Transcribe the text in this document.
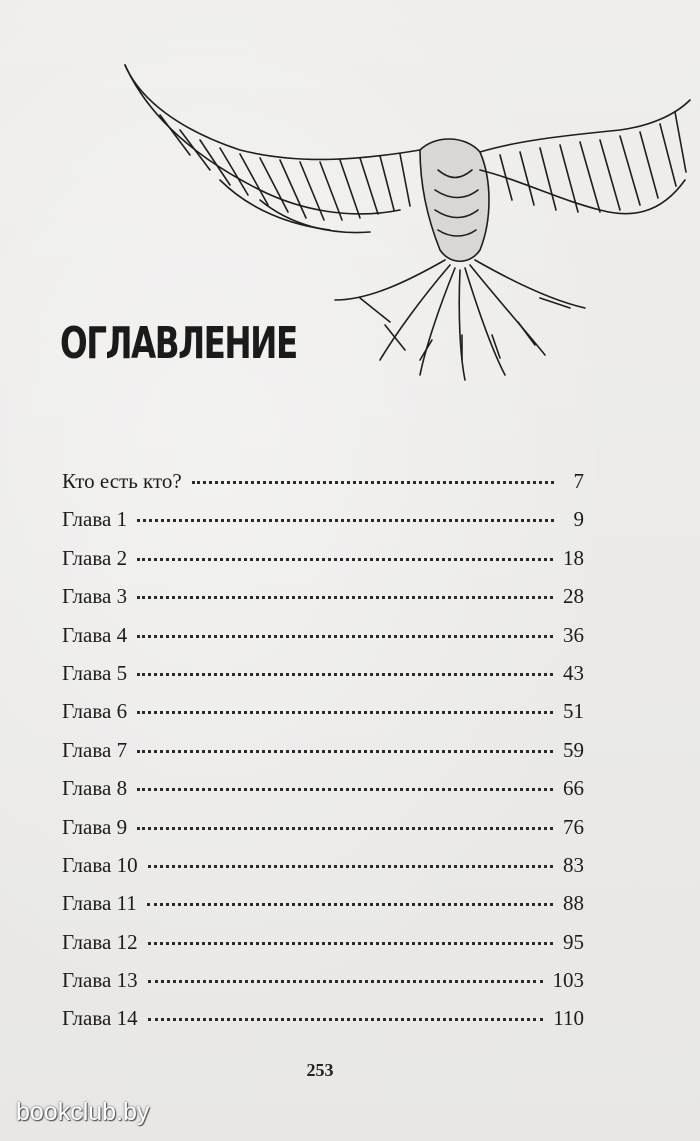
ОГЛАВЛЕНИЕ
Кто есть кто?	7
Глава 1	9
Глава 2	18
Глава 3	28
Глава 4	36
Глава 5	43
Глава 6	51
Глава 7	59
Глава 8	66
Глава 9	76
Глава 10	83
Глава 11	88
Глава 12	95
Глава 13	103
Глава 14	110
253
bookclub.by
